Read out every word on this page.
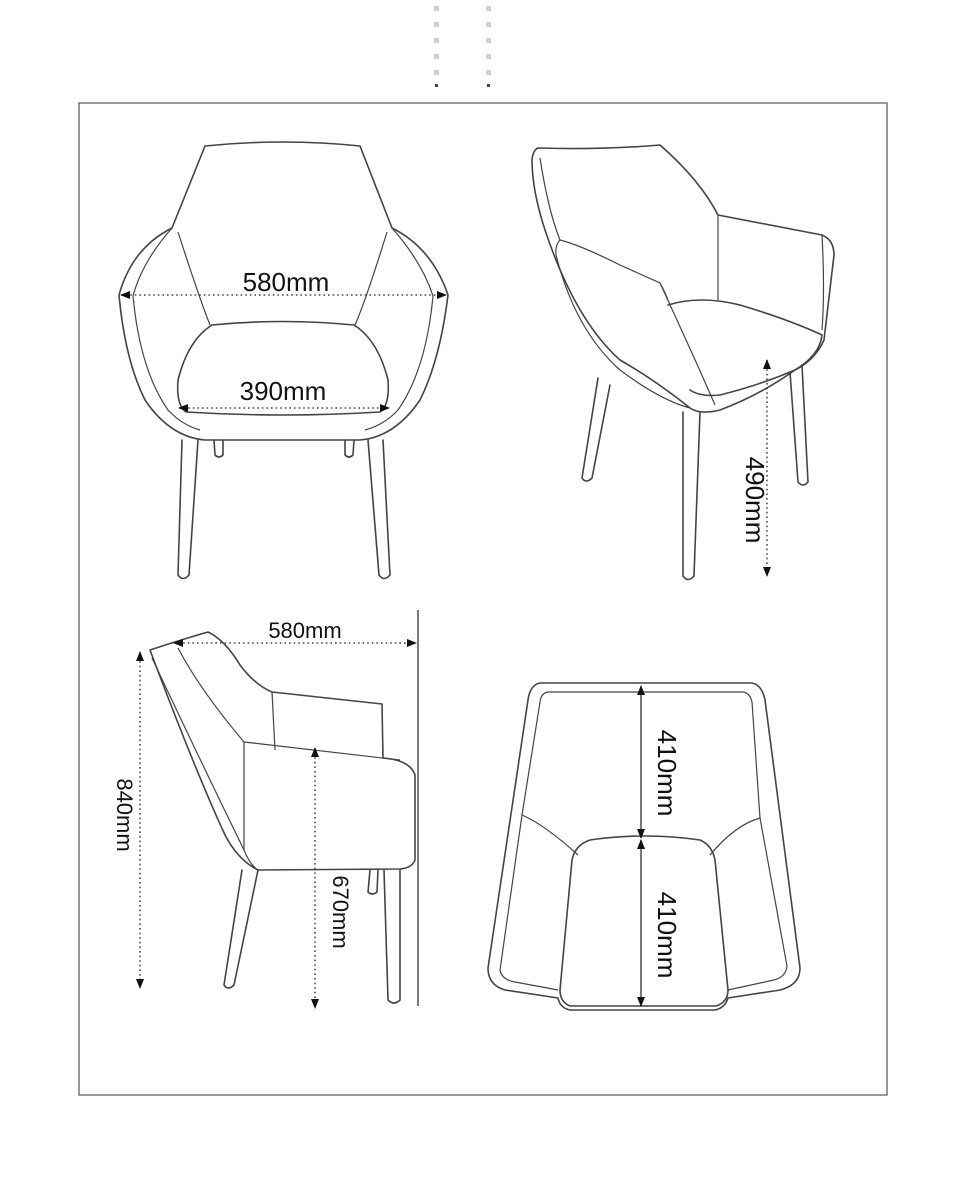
580mm
390mm
490mm
580mm
840mm
670mm
410mm
410mm
